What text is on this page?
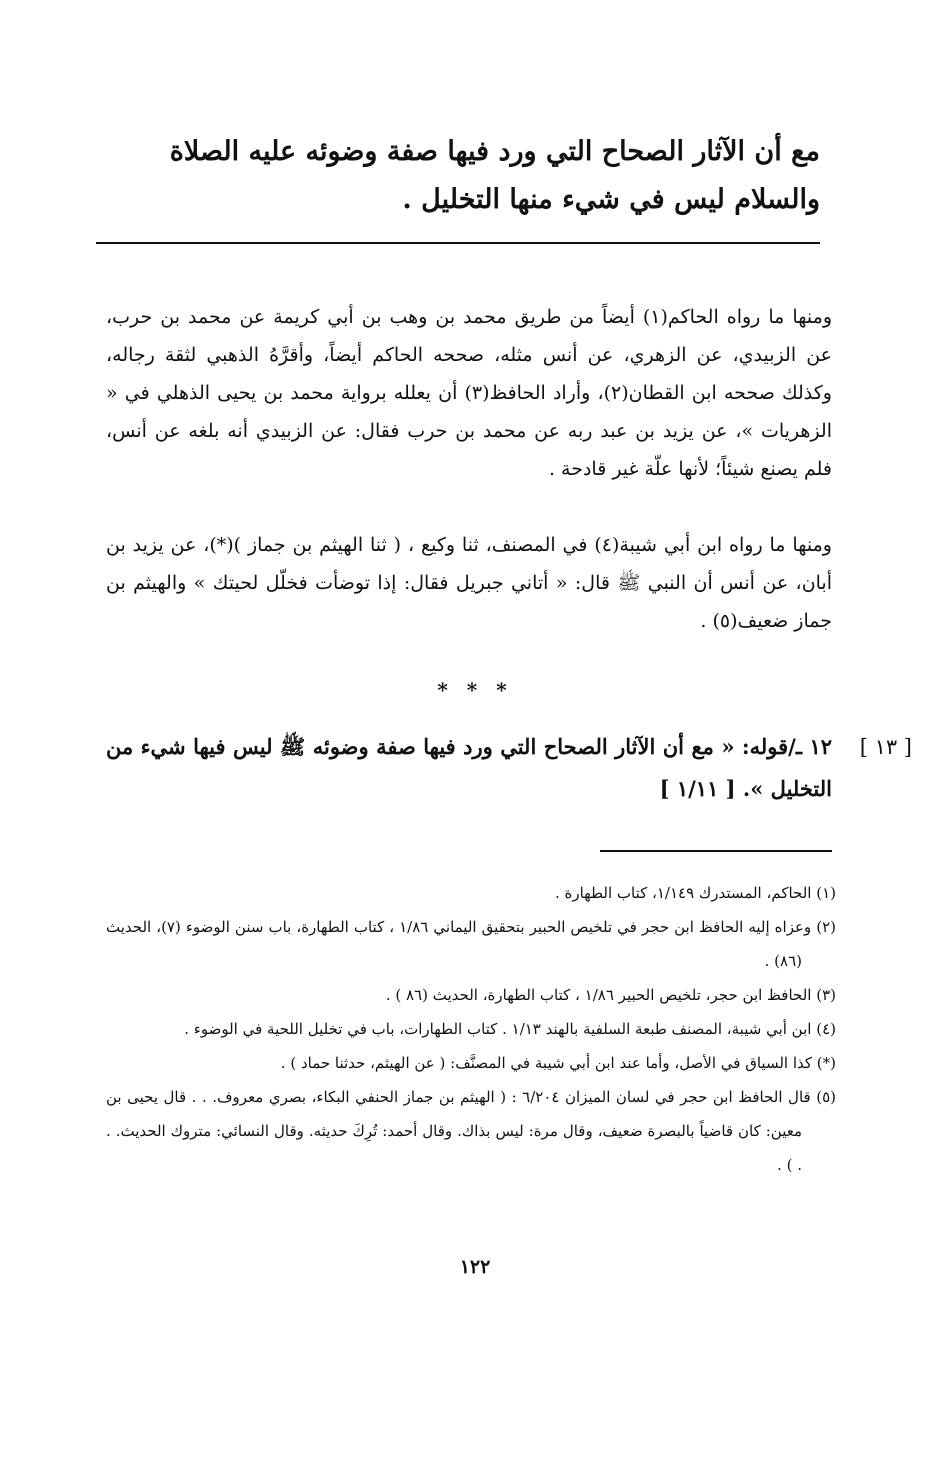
مع أن الآثار الصحاح التي ورد فيها صفة وضوئه عليه الصلاة والسلام ليس في شيء منها التخليل .

ومنها ما رواه الحاكم(١) أيضاً من طريق محمد بن وهب بن أبي كريمة عن محمد بن حرب، عن الزبيدي، عن الزهري، عن أنس مثله، صححه الحاكم أيضاً، وأقرَّهُ الذهبي لثقة رجاله، وكذلك صححه ابن القطان(٢)، وأراد الحافظ(٣) أن يعلله برواية محمد بن يحيى الذهلي في « الزهريات »، عن يزيد بن عبد ربه عن محمد بن حرب فقال: عن الزبيدي أنه بلغه عن أنس، فلم يصنع شيئاً؛ لأنها علّة غير قادحة .

ومنها ما رواه ابن أبي شيبة(٤) في المصنف، ثنا وكيع ، ( ثنا الهيثم بن جماز )(*)، عن يزيد بن أبان، عن أنس أن النبي ﷺ قال: « أتاني جبريل فقال: إذا توضأت فخلّل لحيتك » والهيثم بن جماز ضعيف(٥) .

* * *
[ ١٣ ]
١٢ ـ/قوله: « مع أن الآثار الصحاح التي ورد فيها صفة وضوئه ﷺ ليس فيها شيء من التخليل ». [ ١/١١ ]

(١) الحاكم، المستدرك ١/١٤٩، كتاب الطهارة .

(٢) وعزاه إليه الحافظ ابن حجر في تلخيص الحبير بتحقيق اليماني ١/٨٦ ، كتاب الطهارة، باب سنن الوضوء (٧)، الحديث (٨٦) .

(٣) الحافظ ابن حجر، تلخيص الحبير ١/٨٦ ، كتاب الطهارة، الحديث (٨٦ ) .

(٤) ابن أبي شيبة، المصنف طبعة السلفية بالهند ١/١٣ . كتاب الطهارات، باب في تخليل اللحية في الوضوء .

(*) كذا السياق في الأصل، وأما عند ابن أبي شيبة في المصنَّف: ( عن الهيثم، حدثنا حماد ) .

(٥) قال الحافظ ابن حجر في لسان الميزان ٦/٢٠٤ : ( الهيثم بن جماز الحنفي البكاء، بصري معروف. . . قال يحيى بن معين: كان قاضياً بالبصرة ضعيف، وقال مرة: ليس بذاك. وقال أحمد: تُرِكَ حديثه. وقال النسائي: متروك الحديث. . . ) .

١٢٢
